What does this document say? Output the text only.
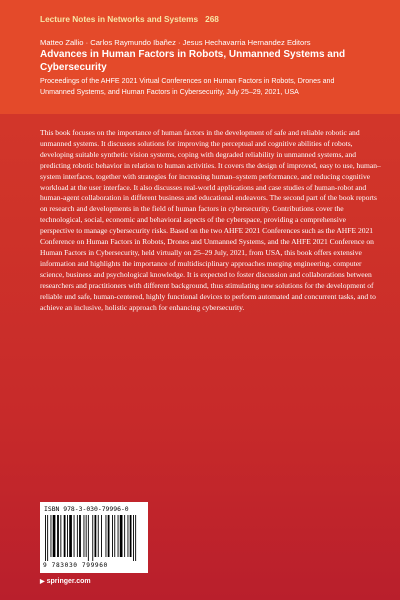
Lecture Notes in Networks and Systems 268
Matteo Zallio · Carlos Raymundo Ibañez · Jesus Hechavarria Hernandez Editors
Advances in Human Factors in Robots, Unmanned Systems and Cybersecurity

Proceedings of the AHFE 2021 Virtual Conferences on Human Factors in Robots, Drones and Unmanned Systems, and Human Factors in Cybersecurity, July 25–29, 2021, USA

This book focuses on the importance of human factors in the development of safe and reliable robotic and unmanned systems. It discusses solutions for improving the perceptual and cognitive abilities of robots, developing suitable synthetic vision systems, coping with degraded reliability in unmanned systems, and predicting robotic behavior in relation to human activities. It covers the design of improved, easy to use, human–system interfaces, together with strategies for increasing human–system performance, and reducing cognitive workload at the user interface. It also discusses real-world applications and case studies of human-robot and human-agent collaboration in different business and educational endeavors. The second part of the book reports on research and developments in the field of human factors in cybersecurity. Contributions cover the technological, social, economic and behavioral aspects of the cyberspace, providing a comprehensive perspective to manage cybersecurity risks. Based on the two AHFE 2021 Conferences such as the AHFE 2021 Conference on Human Factors in Robots, Drones and Unmanned Systems, and the AHFE 2021 Conference on Human Factors in Cybersecurity, held virtually on 25–29 July, 2021, from USA, this book offers extensive information and highlights the importance of multidisciplinary approaches merging engineering, computer science, business and psychological knowledge. It is expected to foster discussion and collaborations between researchers and practitioners with different background, thus stimulating new solutions for the development of reliable und safe, human-centered, highly functional devices to perform automated and concurrent tasks, and to achieve an inclusive, holistic approach for enhancing cybersecurity.

ISBN 978-3-030-79996-0
9 783030 799960
▶ springer.com
